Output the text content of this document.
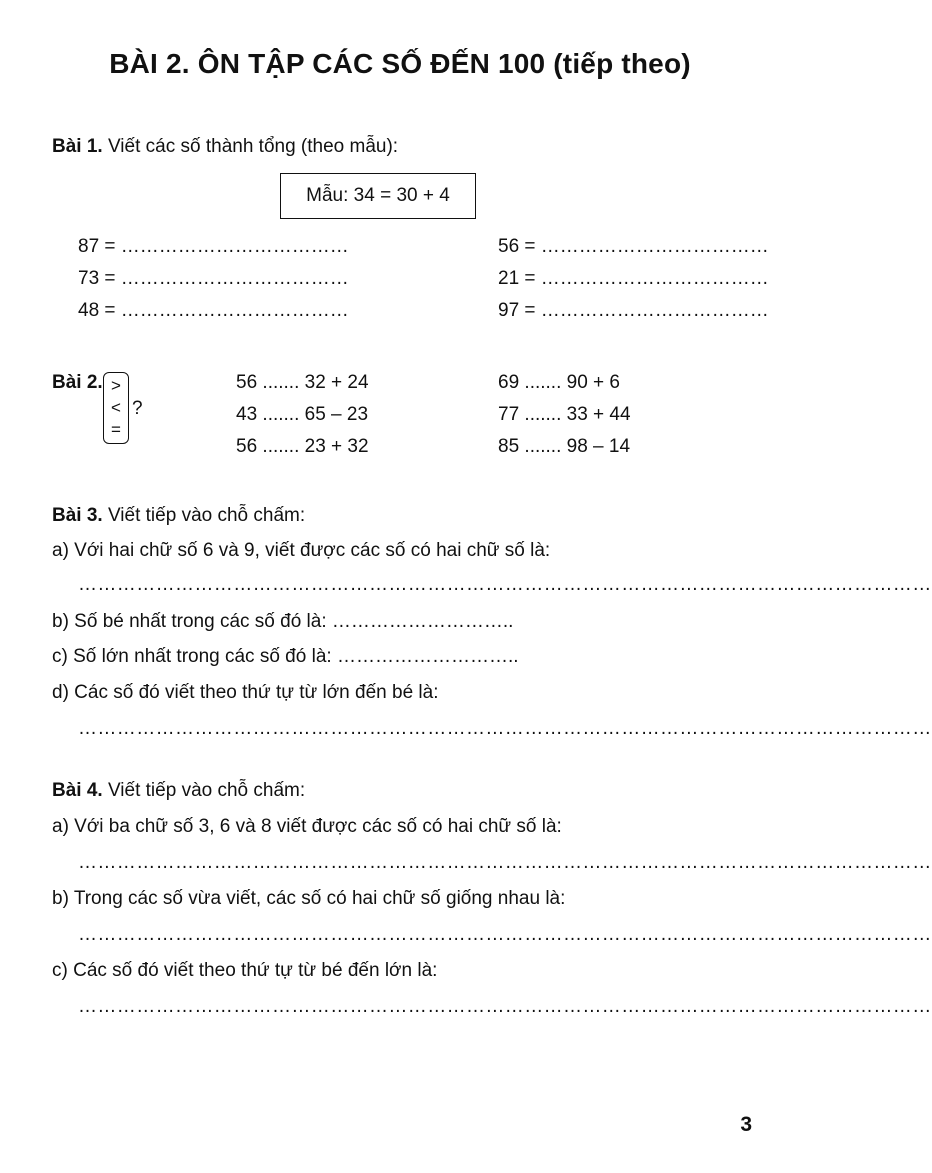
BÀI 2. ÔN TẬP CÁC SỐ ĐẾN 100 (tiếp theo)
Bài 1. Viết các số thành tổng (theo mẫu):
Mẫu: 34 = 30 + 4
87 = ………………………………
73 = ………………………………
48 = ………………………………
56 = ………………………………
21 = ………………………………
97 = ………………………………
Bài 2. >
<
=
?
56 ....... 32 + 24
43 ....... 65 – 23
56 ....... 23 + 32
69 ....... 90 + 6
77 ....... 33 + 44
85 ....... 98 – 14
Bài 3. Viết tiếp vào chỗ chấm:
a) Với hai chữ số 6 và 9, viết được các số có hai chữ số là:
……………………………………………………………………………………………………………………
b) Số bé nhất trong các số đó là: ………………………..
c) Số lớn nhất trong các số đó là: ………………………..
d) Các số đó viết theo thứ tự từ lớn đến bé là:
……………………………………………………………………………………………………………………
Bài 4. Viết tiếp vào chỗ chấm:
a) Với ba chữ số 3, 6 và 8 viết được các số có hai chữ số là:
……………………………………………………………………………………………………………………
b) Trong các số vừa viết, các số có hai chữ số giống nhau là:
……………………………………………………………………………………………………………………
c) Các số đó viết theo thứ tự từ bé đến lớn là:
……………………………………………………………………………………………………………………
3
